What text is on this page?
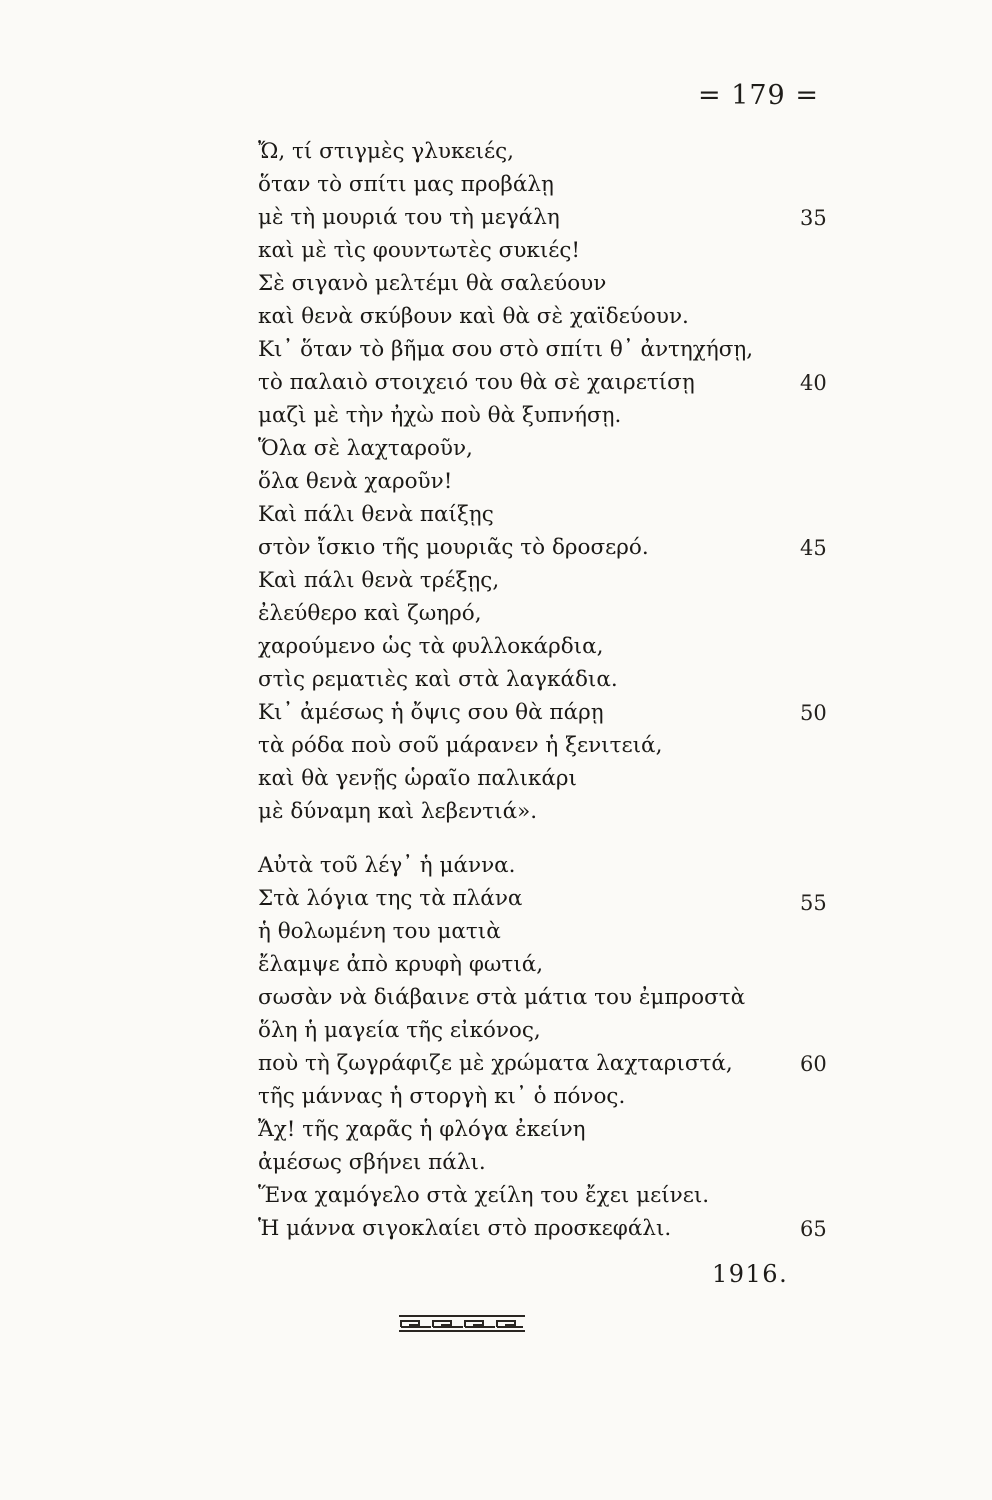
= 179 =
Ὤ, τί στιγμὲς γλυκειές,
ὅταν τὸ σπίτι μας προβάλῃ
μὲ τὴ μουριά του τὴ μεγάλη
καὶ μὲ τὶς φουντωτὲς συκιές!
Σὲ σιγανὸ μελτέμι θὰ σαλεύουν
καὶ θενὰ σκύβουν καὶ θὰ σὲ χαϊδεύουν.
Κι᾿ ὅταν τὸ βῆμα σου στὸ σπίτι θ᾿ ἀντηχήσῃ,
τὸ παλαιὸ στοιχειό του θὰ σὲ χαιρετίσῃ
μαζὶ μὲ τὴν ἠχὼ ποὺ θὰ ξυπνήσῃ.
Ὅλα σὲ λαχταροῦν,
ὅλα θενὰ χαροῦν!
Καὶ πάλι θενὰ παίξῃς
στὸν ἴσκιο τῆς μουριᾶς τὸ δροσερό.
Καὶ πάλι θενὰ τρέξῃς,
ἐλεύθερο καὶ ζωηρό,
χαρούμενο ὡς τὰ φυλλοκάρδια,
στὶς ρεματιὲς καὶ στὰ λαγκάδια.
Κι᾿ ἀμέσως ἡ ὄψις σου θὰ πάρῃ
τὰ ρόδα ποὺ σοῦ μάρανεν ἡ ξενιτειά,
καὶ θὰ γενῇς ὡραῖο παλικάρι
μὲ δύναμη καὶ λεβεντιά».
Αὐτὰ τοῦ λέγ᾿ ἡ μάννα.
Στὰ λόγια της τὰ πλάνα
ἡ θολωμένη του ματιὰ
ἔλαμψε ἀπὸ κρυφὴ φωτιά,
σωσὰν νὰ διάβαινε στὰ μάτια του ἐμπροστὰ
ὅλη ἡ μαγεία τῆς εἰκόνος,
ποὺ τὴ ζωγράφιζε μὲ χρώματα λαχταριστά,
τῆς μάννας ἡ στοργὴ κι᾿ ὁ πόνος.
Ἄχ! τῆς χαρᾶς ἡ φλόγα ἐκείνη
ἀμέσως σβήνει πάλι.
Ἕνα χαμόγελο στὰ χείλη του ἔχει μείνει.
Ἡ μάννα σιγοκλαίει στὸ προσκεφάλι.
35
40
45
50
55
60
65
1916.
